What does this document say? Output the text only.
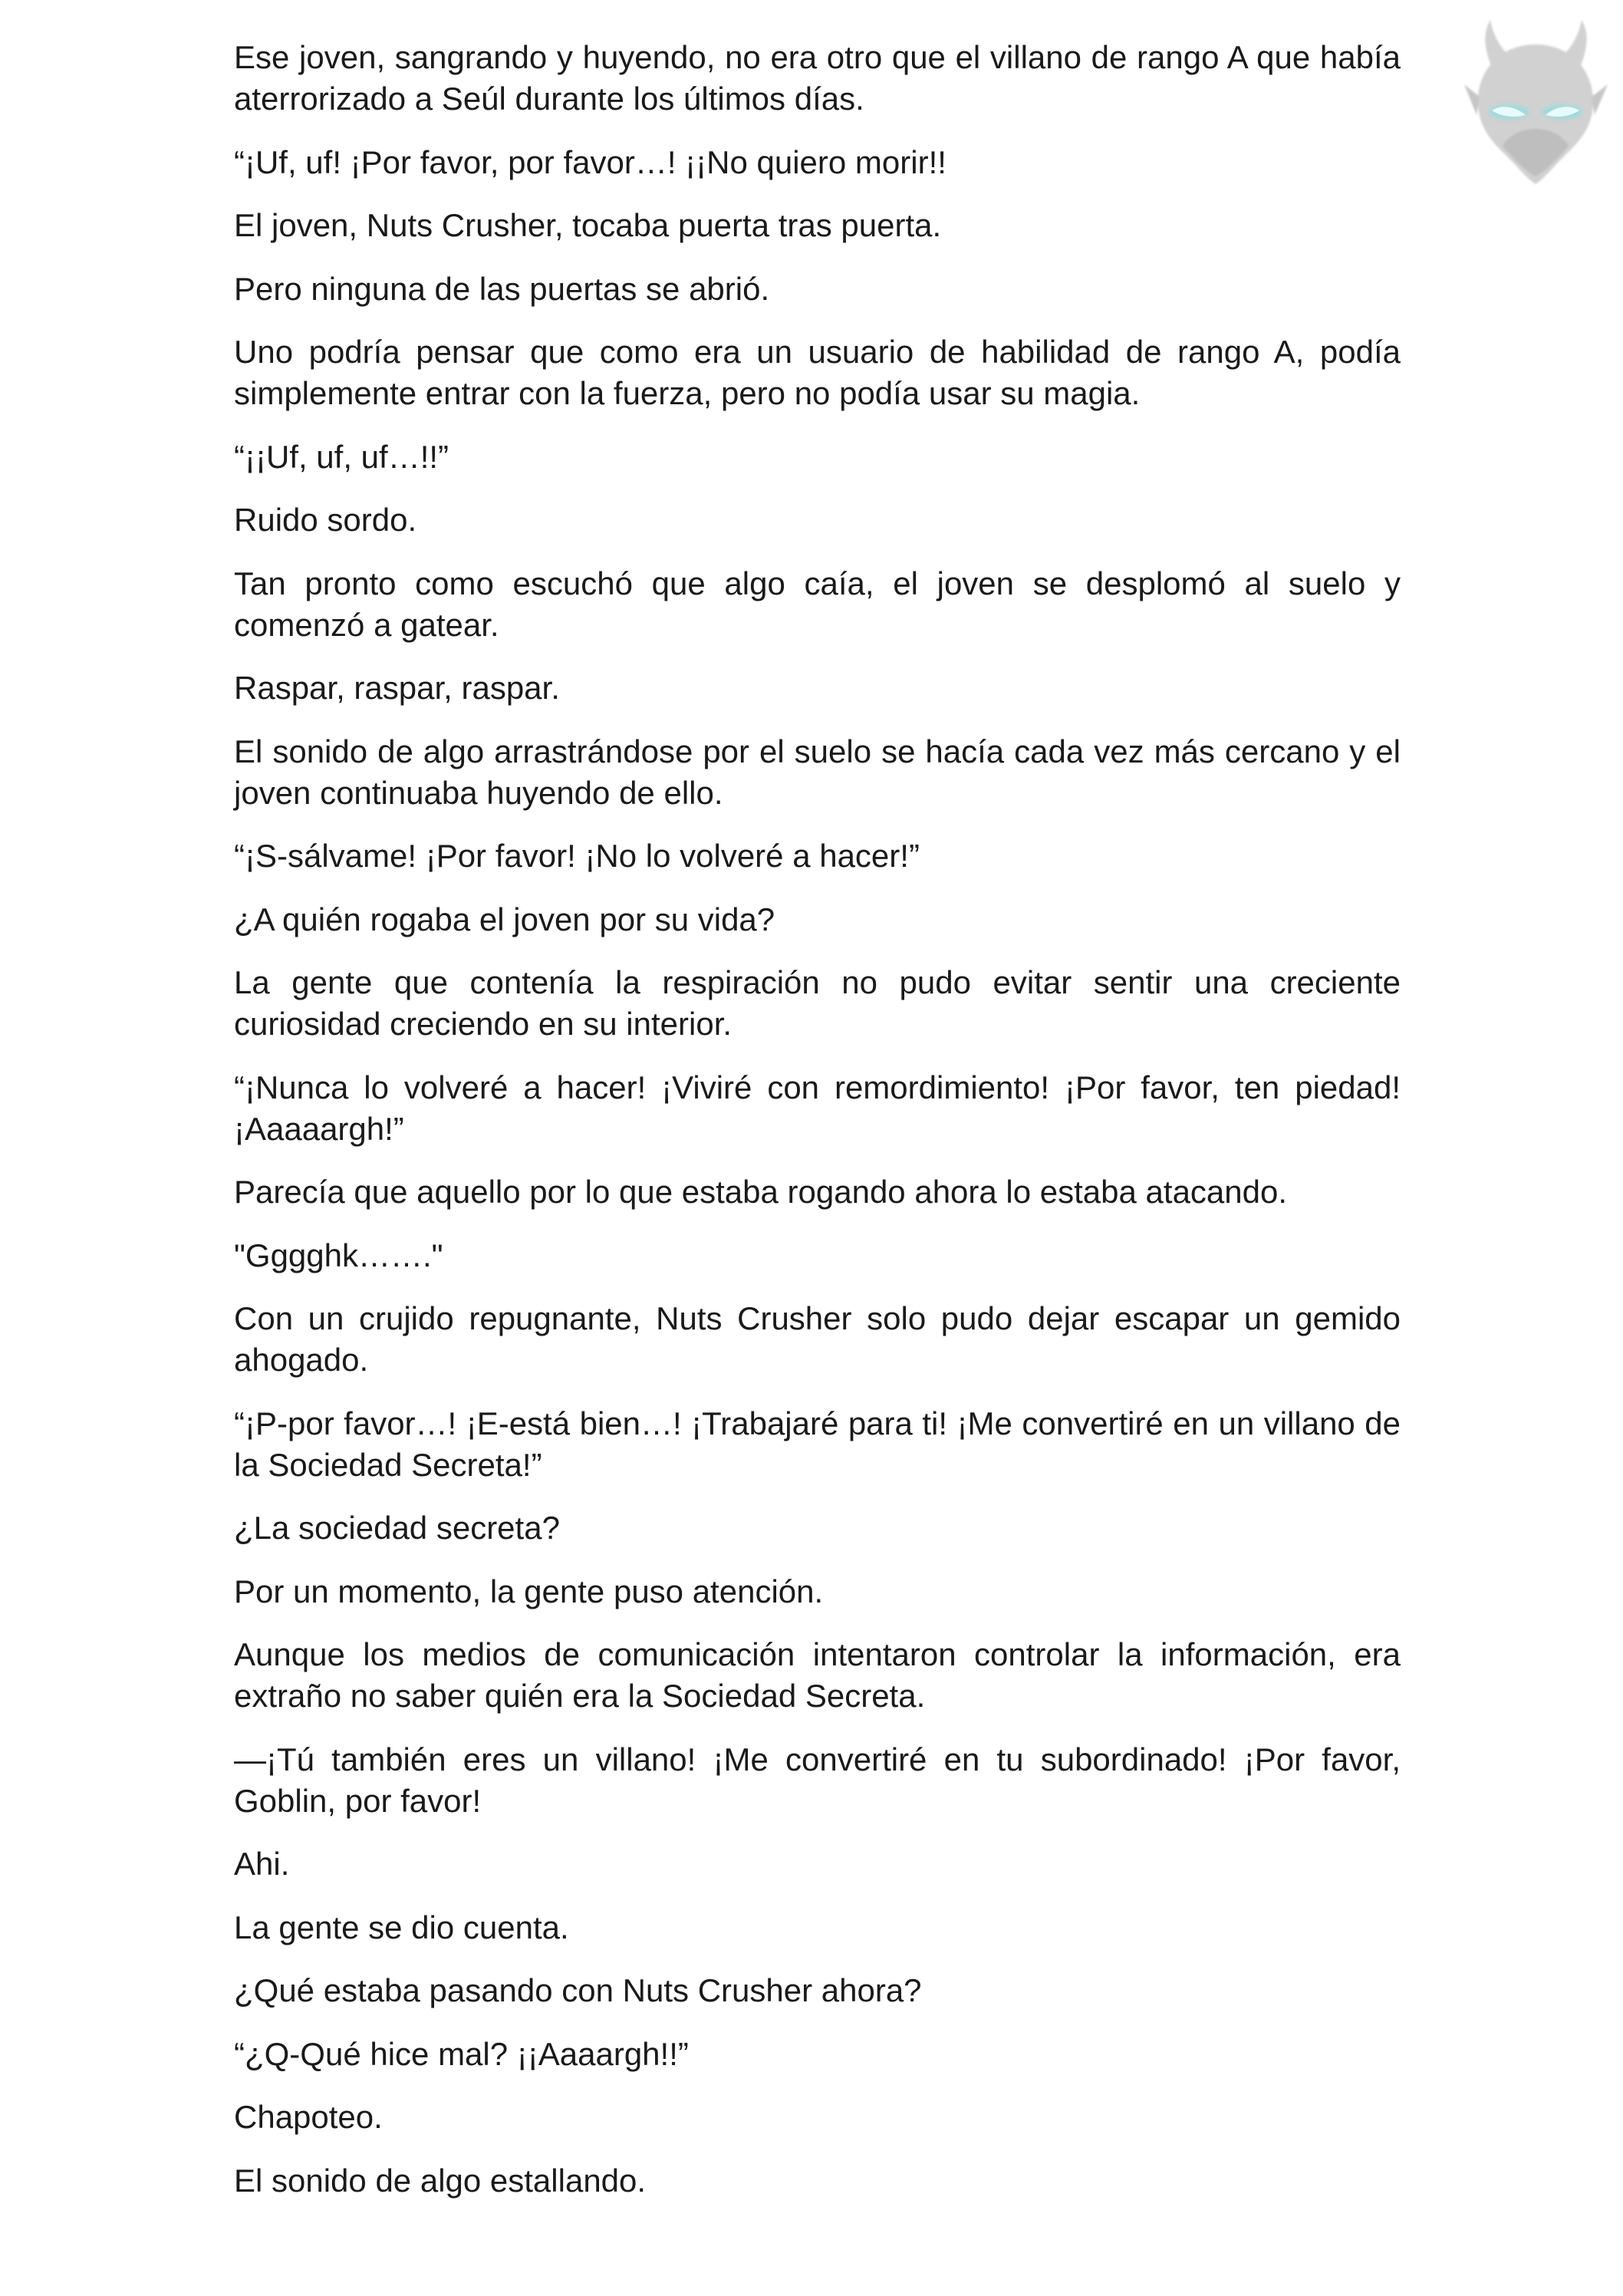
Ese joven, sangrando y huyendo, no era otro que el villano de rango A que había aterrorizado a Seúl durante los últimos días.

“¡Uf, uf! ¡Por favor, por favor…! ¡¡No quiero morir!!

El joven, Nuts Crusher, tocaba puerta tras puerta.

Pero ninguna de las puertas se abrió.

Uno podría pensar que como era un usuario de habilidad de rango A, podía simplemente entrar con la fuerza, pero no podía usar su magia.

“¡¡Uf, uf, uf…!!”

Ruido sordo.

Tan pronto como escuchó que algo caía, el joven se desplomó al suelo y comenzó a gatear.

Raspar, raspar, raspar.

El sonido de algo arrastrándose por el suelo se hacía cada vez más cercano y el joven continuaba huyendo de ello.

“¡S-sálvame! ¡Por favor! ¡No lo volveré a hacer!”

¿A quién rogaba el joven por su vida?

La gente que contenía la respiración no pudo evitar sentir una creciente curiosidad creciendo en su interior.

“¡Nunca lo volveré a hacer! ¡Viviré con remordimiento! ¡Por favor, ten piedad! ¡Aaaaargh!”

Parecía que aquello por lo que estaba rogando ahora lo estaba atacando.

"Gggghk……."

Con un crujido repugnante, Nuts Crusher solo pudo dejar escapar un gemido ahogado.

“¡P-por favor…! ¡E-está bien…! ¡Trabajaré para ti! ¡Me convertiré en un villano de la Sociedad Secreta!”

¿La sociedad secreta?

Por un momento, la gente puso atención.

Aunque los medios de comunicación intentaron controlar la información, era extraño no saber quién era la Sociedad Secreta.

—¡Tú también eres un villano! ¡Me convertiré en tu subordinado! ¡Por favor, Goblin, por favor!

Ahi.

La gente se dio cuenta.

¿Qué estaba pasando con Nuts Crusher ahora?

“¿Q-Qué hice mal? ¡¡Aaaargh!!”

Chapoteo.

El sonido de algo estallando.
